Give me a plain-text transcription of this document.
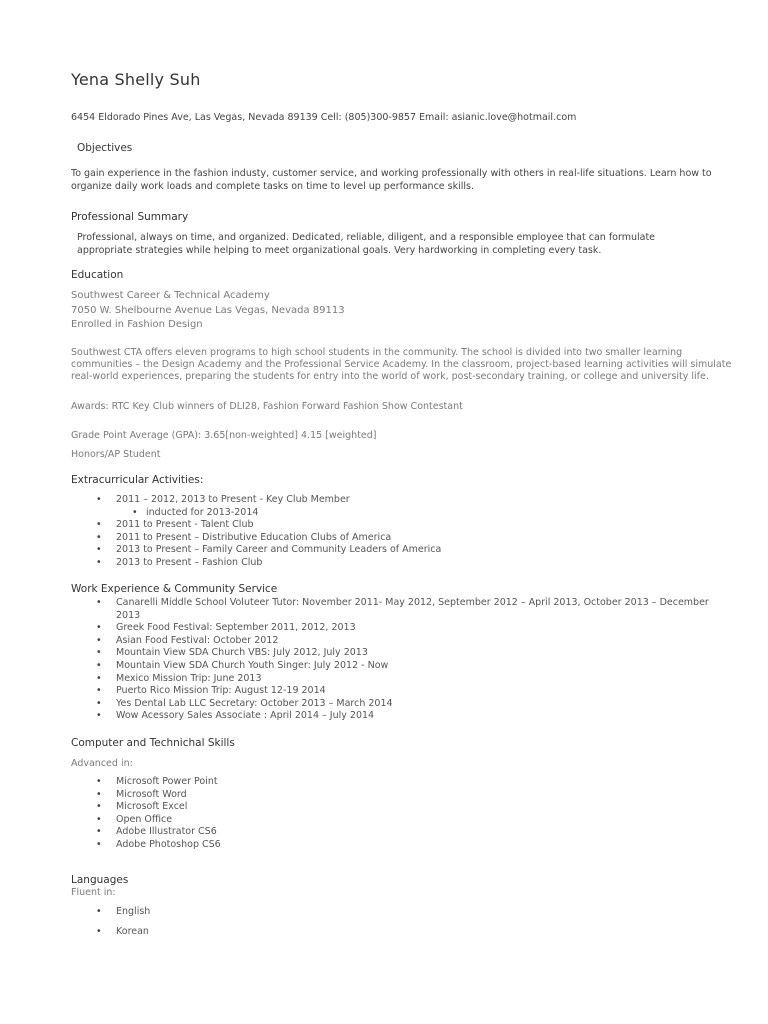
Yena Shelly Suh
6454 Eldorado Pines Ave, Las Vegas, Nevada 89139 Cell: (805)300-9857 Email: asianic.love@hotmail.com
Objectives
To gain experience in the fashion industy, customer service, and working professionally with others in real-life situations. Learn how to
organize daily work loads and complete tasks on time to level up performance skills.
Professional Summary
Professional, always on time, and organized. Dedicated, reliable, diligent, and a responsible employee that can formulate
appropriate strategies while helping to meet organizational goals. Very hardworking in completing every task.
Education
Southwest Career & Technical Academy
7050 W. Shelbourne Avenue Las Vegas, Nevada 89113
Enrolled in Fashion Design
Southwest CTA offers eleven programs to high school students in the community. The school is divided into two smaller learning
communities – the Design Academy and the Professional Service Academy. In the classroom, project-based learning activities will simulate
real-world experiences, preparing the students for entry into the world of work, post-secondary training, or college and university life.
Awards: RTC Key Club winners of DLI28, Fashion Forward Fashion Show Contestant
Grade Point Average (GPA): 3.65[non-weighted] 4.15 [weighted]
Honors/AP Student
Extracurricular Activities:
• 2011 – 2012, 2013 to Present - Key Club Member
• inducted for 2013-2014
• 2011 to Present - Talent Club
• 2011 to Present – Distributive Education Clubs of America
• 2013 to Present – Family Career and Community Leaders of America
• 2013 to Present – Fashion Club
Work Experience & Community Service
• Canarelli Middle School Voluteer Tutor: November 2011- May 2012, September 2012 – April 2013, October 2013 – December
2013
• Greek Food Festival: September 2011, 2012, 2013
• Asian Food Festival: October 2012
• Mountain View SDA Church VBS: July 2012, July 2013
• Mountain View SDA Church Youth Singer: July 2012 - Now
• Mexico Mission Trip: June 2013
• Puerto Rico Mission Trip: August 12-19 2014
• Yes Dental Lab LLC Secretary: October 2013 – March 2014
• Wow Acessory Sales Associate : April 2014 – July 2014
Computer and Technichal Skills
Advanced in:
• Microsoft Power Point
• Microsoft Word
• Microsoft Excel
• Open Office
• Adobe Illustrator CS6
• Adobe Photoshop CS6
Languages
Fluent in:
• English
• Korean
